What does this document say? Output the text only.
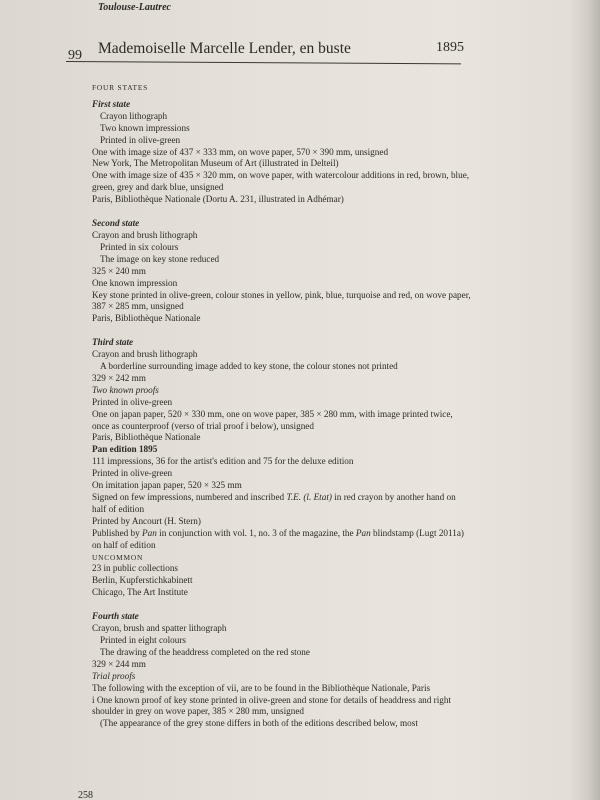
Toulouse-Lautrec
99 Mademoiselle Marcelle Lender, en buste	1895
FOUR STATES
First state
Crayon lithograph
Two known impressions
Printed in olive-green
One with image size of 437 × 333 mm, on wove paper, 570 × 390 mm, unsigned
New York, The Metropolitan Museum of Art (illustrated in Delteil)
One with image size of 435 × 320 mm, on wove paper, with watercolour additions in red, brown, blue, green, grey and dark blue, unsigned
Paris, Bibliothèque Nationale (Dortu A. 231, illustrated in Adhémar)
Second state
Crayon and brush lithograph
Printed in six colours
The image on key stone reduced
325 × 240 mm
One known impression
Key stone printed in olive-green, colour stones in yellow, pink, blue, turquoise and red, on wove paper, 387 × 285 mm, unsigned
Paris, Bibliothèque Nationale
Third state
Crayon and brush lithograph
A borderline surrounding image added to key stone, the colour stones not printed
329 × 242 mm
Two known proofs
Printed in olive-green
One on japan paper, 520 × 330 mm, one on wove paper, 385 × 280 mm, with image printed twice, once as counterproof (verso of trial proof i below), unsigned
Paris, Bibliothèque Nationale
Pan edition 1895
111 impressions, 36 for the artist's edition and 75 for the deluxe edition
Printed in olive-green
On imitation japan paper, 520 × 325 mm
Signed on few impressions, numbered and inscribed T.E. (l. Etat) in red crayon by another hand on half of edition
Printed by Ancourt (H. Stern)
Published by Pan in conjunction with vol. 1, no. 3 of the magazine, the Pan blindstamp (Lugt 2011a) on half of edition
UNCOMMON
23 in public collections
Berlin, Kupferstichkabinett
Chicago, The Art Institute
Fourth state
Crayon, brush and spatter lithograph
Printed in eight colours
The drawing of the headdress completed on the red stone
329 × 244 mm
Trial proofs
The following with the exception of vii, are to be found in the Bibliothèque Nationale, Paris
i One known proof of key stone printed in olive-green and stone for details of headdress and right shoulder in grey on wove paper, 385 × 280 mm, unsigned
(The appearance of the grey stone differs in both of the editions described below, most
258
